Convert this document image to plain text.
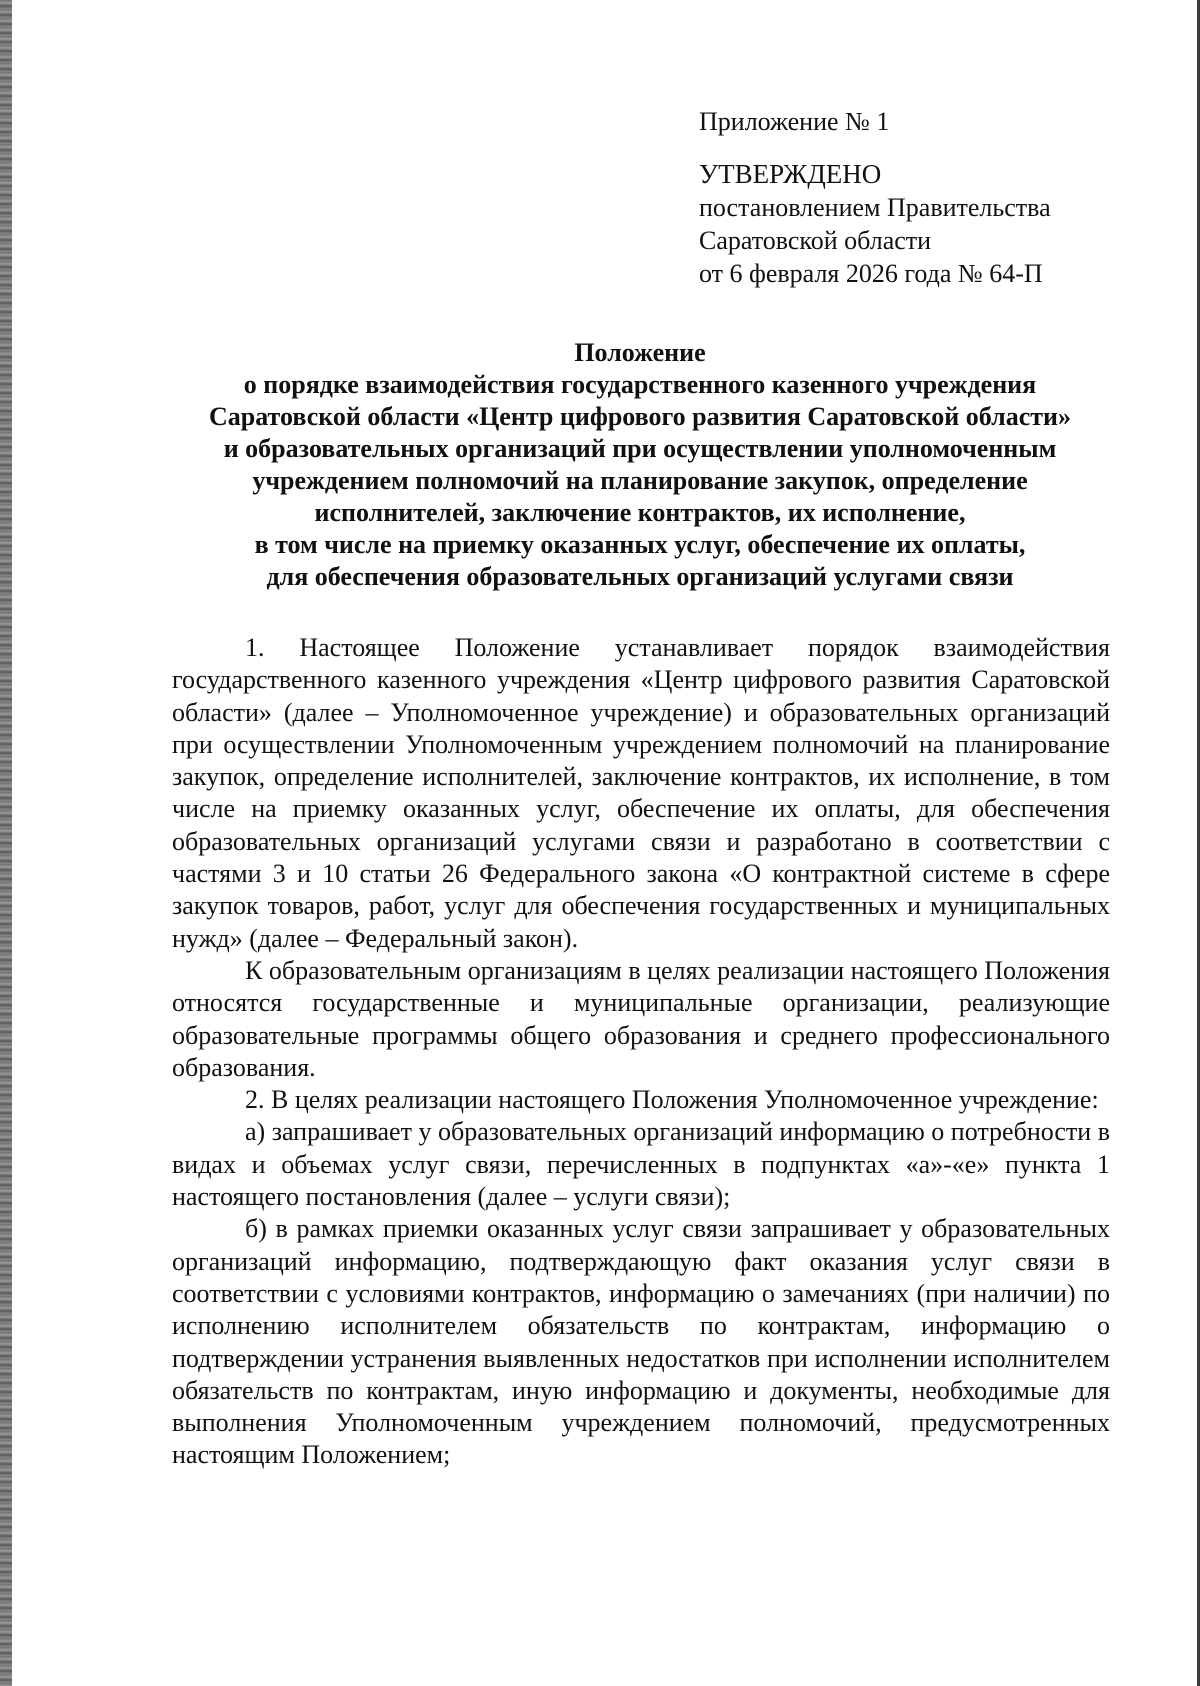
Приложение № 1
УТВЕРЖДЕНО
постановлением Правительства
Саратовской области
от 6 февраля 2026 года № 64-П
Положение
о порядке взаимодействия государственного казенного учреждения
Саратовской области «Центр цифрового развития Саратовской области»
и образовательных организаций при осуществлении уполномоченным
учреждением полномочий на планирование закупок, определение
исполнителей, заключение контрактов, их исполнение,
в том числе на приемку оказанных услуг, обеспечение их оплаты,
для обеспечения образовательных организаций услугами связи

1. Настоящее Положение устанавливает порядок взаимодействия государственного казенного учреждения «Центр цифрового развития Саратовской области» (далее – Уполномоченное учреждение) и образовательных организаций при осуществлении Уполномоченным учреждением полномочий на планирование закупок, определение исполнителей, заключение контрактов, их исполнение, в том числе на приемку оказанных услуг, обеспечение их оплаты, для обеспечения образовательных организаций услугами связи и разработано в соответствии с частями 3 и 10 статьи 26 Федерального закона «О контрактной системе в сфере закупок товаров, работ, услуг для обеспечения государственных и муниципальных нужд» (далее – Федеральный закон).

К образовательным организациям в целях реализации настоящего Положения относятся государственные и муниципальные организации, реализующие образовательные программы общего образования и среднего профессионального образования.

2. В целях реализации настоящего Положения Уполномоченное учреждение:

а) запрашивает у образовательных организаций информацию о потребности в видах и объемах услуг связи, перечисленных в подпунктах «а»-«е» пункта 1 настоящего постановления (далее – услуги связи);

б) в рамках приемки оказанных услуг связи запрашивает у образовательных организаций информацию, подтверждающую факт оказания услуг связи в соответствии с условиями контрактов, информацию о замечаниях (при наличии) по исполнению исполнителем обязательств по контрактам, информацию о подтверждении устранения выявленных недостатков при исполнении исполнителем обязательств по контрактам, иную информацию и документы, необходимые для выполнения Уполномоченным учреждением полномочий, предусмотренных настоящим Положением;
